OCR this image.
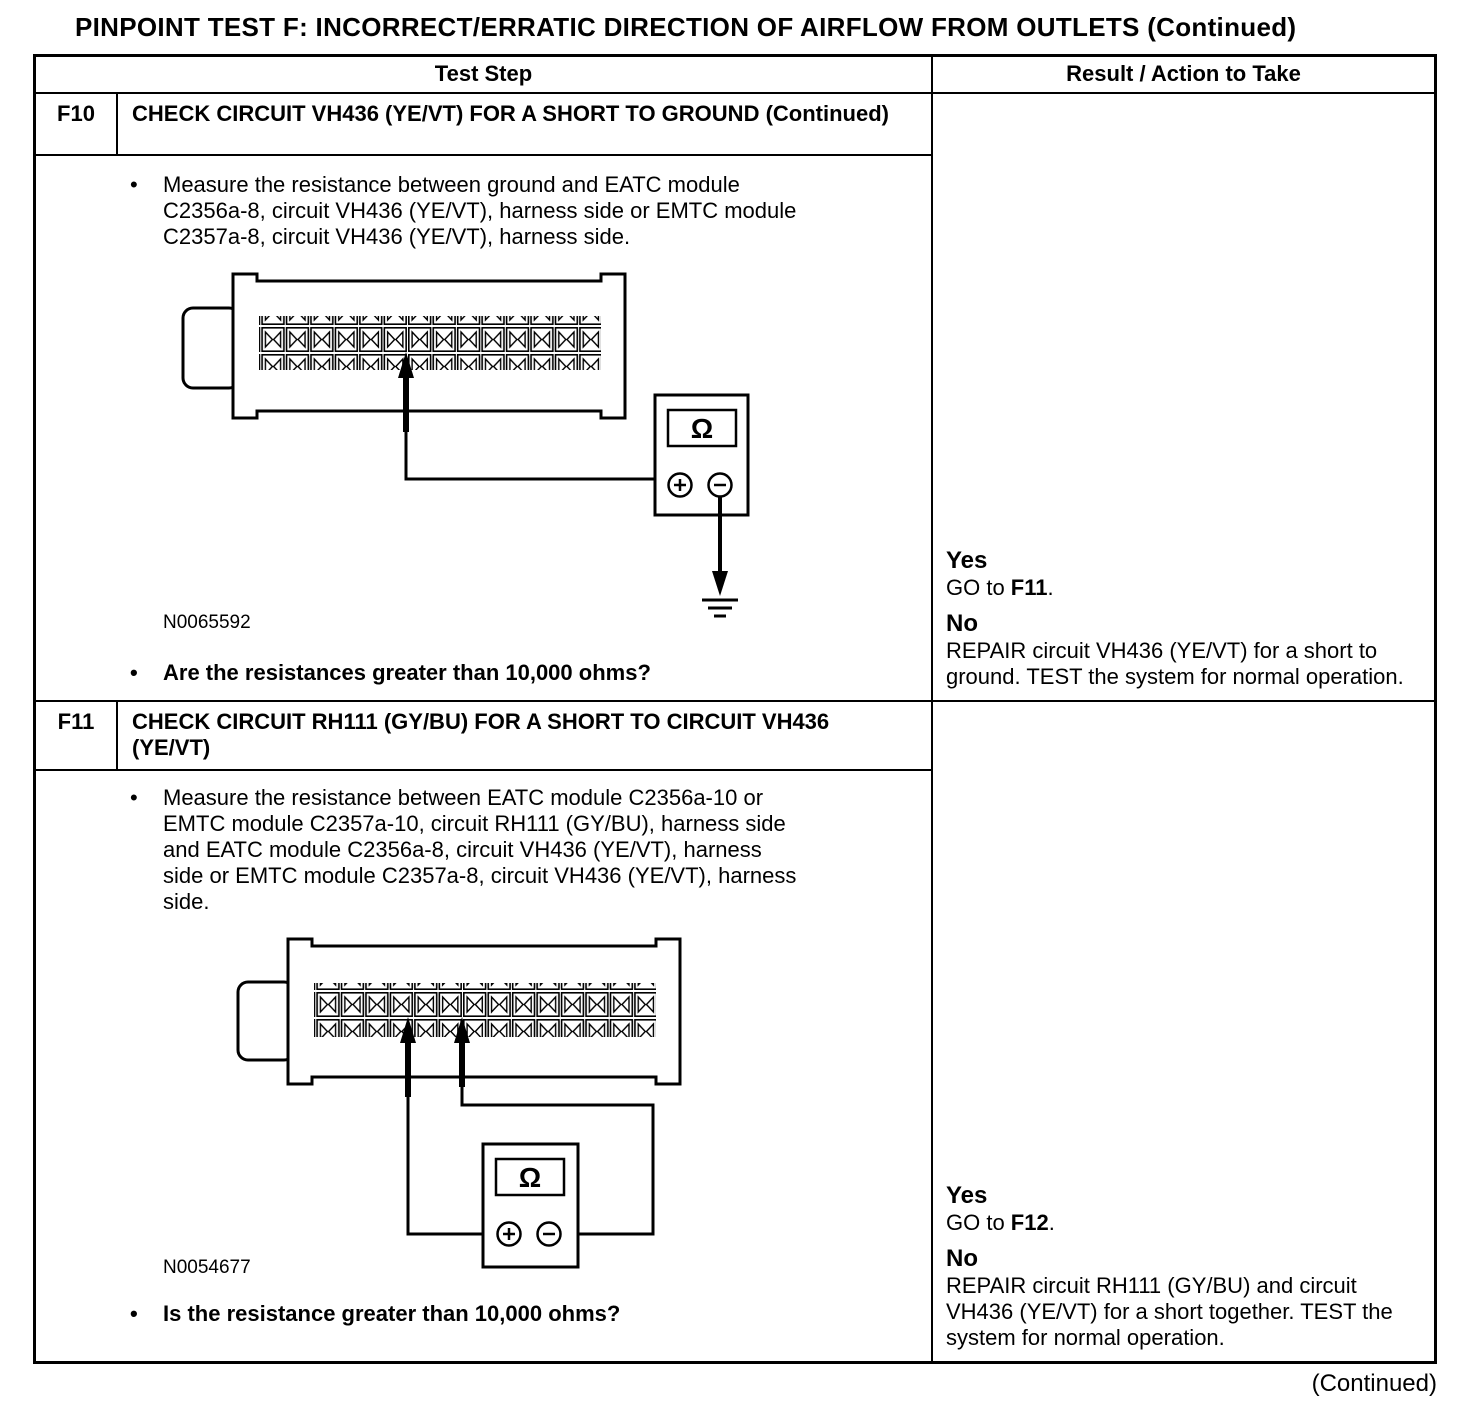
PINPOINT TEST F: INCORRECT/ERRATIC DIRECTION OF AIRFLOW FROM OUTLETS (Continued)
Test Step	Result / Action to Take
F10	CHECK CIRCUIT VH436 (YE/VT) FOR A SHORT TO GROUND (Continued)
•	Measure the resistance between ground and EATC module C2356a-8, circuit VH436 (YE/VT), harness side or EMTC module C2357a-8, circuit VH436 (YE/VT), harness side.
Ω
N0065592
•	Are the resistances greater than 10,000 ohms?
Yes
GO to F11.
No
REPAIR circuit VH436 (YE/VT) for a short to ground. TEST the system for normal operation.
F11	CHECK CIRCUIT RH111 (GY/BU) FOR A SHORT TO CIRCUIT VH436 (YE/VT)
•	Measure the resistance between EATC module C2356a-10 or EMTC module C2357a-10, circuit RH111 (GY/BU), harness side and EATC module C2356a-8, circuit VH436 (YE/VT), harness side or EMTC module C2357a-8, circuit VH436 (YE/VT), harness side.
Ω
N0054677
•	Is the resistance greater than 10,000 ohms?
Yes
GO to F12.
No
REPAIR circuit RH111 (GY/BU) and circuit VH436 (YE/VT) for a short together. TEST the system for normal operation.
(Continued)
